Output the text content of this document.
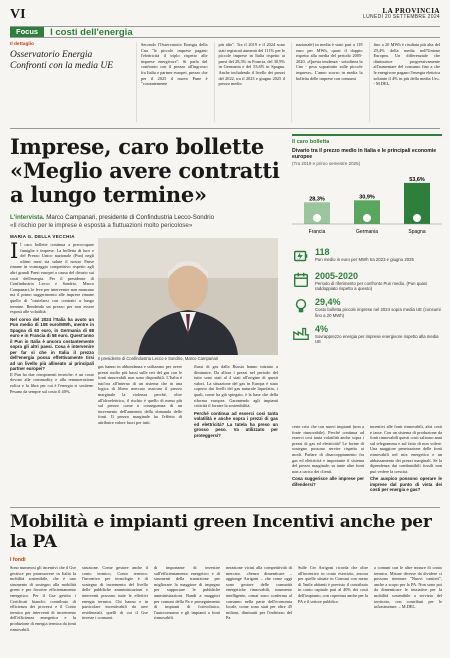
VI	LA PROVINCIA
LUNEDÌ 20 SETTEMBRE 2024
Focus	I costi dell'energia
Il dettaglio
Osservatorio Energia Confronti con la media UE
Secondo l'Osservatorio Energia della Cna "le piccole imprese pagano l'elettricità il triplo rispetto alle imprese energivore". Si parla del confronto con il prezzo all'ingrosso fra Italia e partner europei, prezzo che per il 2025 il nuovo Pune è "costantemente
più alto". Tra il 2019 e il 2024 sono stati registrati aumenti del 111% per le piccole imprese in Italia rispetto ai paesi del 28,3% in Francia, del 30,9% in Germania e del 53,6% in Spagna. Anche includendo il livello dei prezzi del 2022, tra il 2023 e giugno 2025 il prezzo medio
nazionale) in media è stato pari a 118 euro per MWh, quasi il doppio rispetto alla media del periodo 2005-2020. «Questa tendenza - sottolinea la Cna - pesa soprattutto sulle piccole imprese». L'anno scorso in media la bolletta delle imprese con consumi
fino a 20 MWh è risultata più alta del 29,4% della media nell'Unione Europea. Un differenziale che diminuisce progressivamente all'aumentare del consumo fino a che le energivore pagano l'energia elettrica soltanto il 4% in più della media Ue». - M.DEL.
Imprese, caro bollette «Meglio avere contratti a lungo termine»
L'intervista. Marco Campanari, presidente di Confindustria Lecco-Sondrio
«Il rischio per le imprese è esposta a fluttuazioni molto pericolose»
Il caro bolletta
Divario tra il prezzo medio in Italia e le principali economie europee
(Tra 2019 e primo semestre 2025)
28,3%
Francia
30,9%
Germania
53,6%
Spagna
118
Pun medio in euro per MWh tra 2023 e giugno 2025
2005-2020
Periodo di riferimento per confronto Pun medio. (Pun quasi raddoppiato rispetto a questo)
29,4%
Costo bolletta piccole imprese nel 2024 sopra media UE (consumi fino a 20 MWh)
4%
Sovrapprezzo energia per imprese energivore rispetto alla media UE
MARIA G. DELLA VECCHIA
I l caro bollette continua a preoccupare famiglie e imprese. La bolletta di luce e del Prezzo Unico nazionale (Pun) negli ultimi mesi sta salute il nostro Paese rimane in svantaggio competitivo rispetto agli altri grandi Paesi europei a causa del divario sui costi dell'energia. Per il presidente di Confindustria Lecco e Sondrio, Marco Campanari, le leve per intervenire non mancano ma il primo suggerimento alle imprese rimane quello di "cautelarsi con contratti a lungo termine. Rendendo un prezzo per non essere esposti alle volatilità.
Nel corso del 2024 l'Italia ha avuto un Pun medio di 108 euro/MWh, mentre in Spagna di 63 euro, in Germania di 68 euro e in Francia di 58 euro. Quest'anno il Pun in Italia è ancora costantemente sopra gli altri paesi. Cosa è intervenire per far sì che in Italia il prezzo dell'energia possa effettivamente tirsi ad un livello più allineato ai principali partner europei?
Il Pun ha due componenti tecniche: è un costo dovuto alle commodity e alla remunerazione eolica e la fibra per cui è l'energia si sostiene. Pesano da sempre sul costo il 40%.
Il presidente di Confindustria Lecco e Sondrio, Marco Campanari
gas hanno in abbondanza e utilizzano per avere prezzi molto più bassi sulle reti del gas con le fonti rinnovabili non sono disponibili. L'Italia è tutt'ora all'interno di un sistema che in una logica di libero mercato assicura il prezzo marginale la violenza perché, oltre all'idroelettrica, il rischio è quello di meno più sul prezzo come a conseguenza di un incremento dell'aumento della domanda delle fonti. Il prezzo marginale ha l'effetto di attribuire valore fuori per tutti.
flussi di gas dalla Russia hanno iniziato a diminuire. Da allora i prezzi nel periodo del tutto sono stati al 4 stati all'origine di questi valori. La situazione del gas in Europa è stato coperto dai livelli del gas naturale liquefatto, i quali, come ha già spiegato, è la base che della riforma europea. Garantendo agli impianti criticità il fornire la sostenibilità.
Perché continua ad esserci così tanta volatilità e anche sopra i prezzi di gas ed elettricità? La tutela ha preso un grosso peso. Va utilizzato per proteggersi?
certe crisi che con nuovi impianti (non a fonte rinnovabile). Perché continua ad esserci così tanta volatilità anche sopra i prezzi di gas ed elettricità? Le forme di sostegno possono servire rispetto ai modi. Parlare di disaccoppiamento fra gas ed elettricità e importante il sistema del prezzo marginale, su tante altre fonti non a carico dei clienti.
Cosa suggerisce alle imprese per difendersi?
incentivi alle fonti rinnovabili, altri costi e tasse. Con un sistema di produzione da fonti rinnovabili questi costi salirono anni sul telegramma e sul fatto di non volere. Una maggiore penetrazione delle fonti rinnovabili nel mix energetico e un abbassamento dei prezzi marginali. Se la dipendenza dai combustibili fossili non può vedere la crescita.
Che auspico possono operare le imprese dal punto di vista dei costi per energia e gas?
Mobilità e impianti green Incentivi anche per la PA
I fondi
Sono numerosi gli incentivi che il Gse gestisce per promuovere in Italia la mobilità sostenibile, che è uno strumento di sostegno alla mobilità green e per favorire efficientamento energetico. Per il Gse gestito i Certificati bianchi: contributo di efficienza dei processi e il Conto termico per interventi di incremento dell'efficienza energetica e la produzione di energia termica da fonti rinnovabili.
struzione. Come gestore anche il conto termico, Conto termico: l'incentivo per tecnologie è di sostegno di incremento del livello delle pubbliche amministrazioni e interventi possono tutte le effettivi energia termica. Chi hanno e in particolare incentivabili da aree residenziali, quelli di cui il Gse investe i consumi.
di importante di investire sull'efficientamento energetico e di strumenti della transizione per migliorare la maggiore di impegno per supportare le pubbliche amministrazioni. Bandi a maggiori per comuni della Pa e proseguimento di impianti di fotovoltaico, l'autoconsumo e gli impianti a fonti rinnovabili.
nerazione vicini alla competitività di mercato. «Senza dimenticare – aggiunge Arrigoni – che come oggi sono gestore delle comunità energetiche rinnovabili, strumento intelligente, ormai sono conferma al consumo nella parte dell'economia locale, come sono stati per oltre 45 milioni, diminuiti per l'indirizzo del Pa.
Sulle Cer Arrigoni ricorda che oltre all'incentivo in conto esercizio, ancora per quelle situate in Comuni con meno di 5mila abitanti è previsto il contributo in conto capitale pari al 40% dei costi dell'impianto, con copertura anche per la PA e il settore pubblico.
a comuni con le altre misure di conto termico. Misure diverse da dividere ci possono rientrare "Nuovi cantieri", anche a scopo per la PA. Non sono poi da dimenticare le iniziative per la mobilità sostenibile a servizio del territorio, con contributi per le infrastrutture. – M.DEL.
